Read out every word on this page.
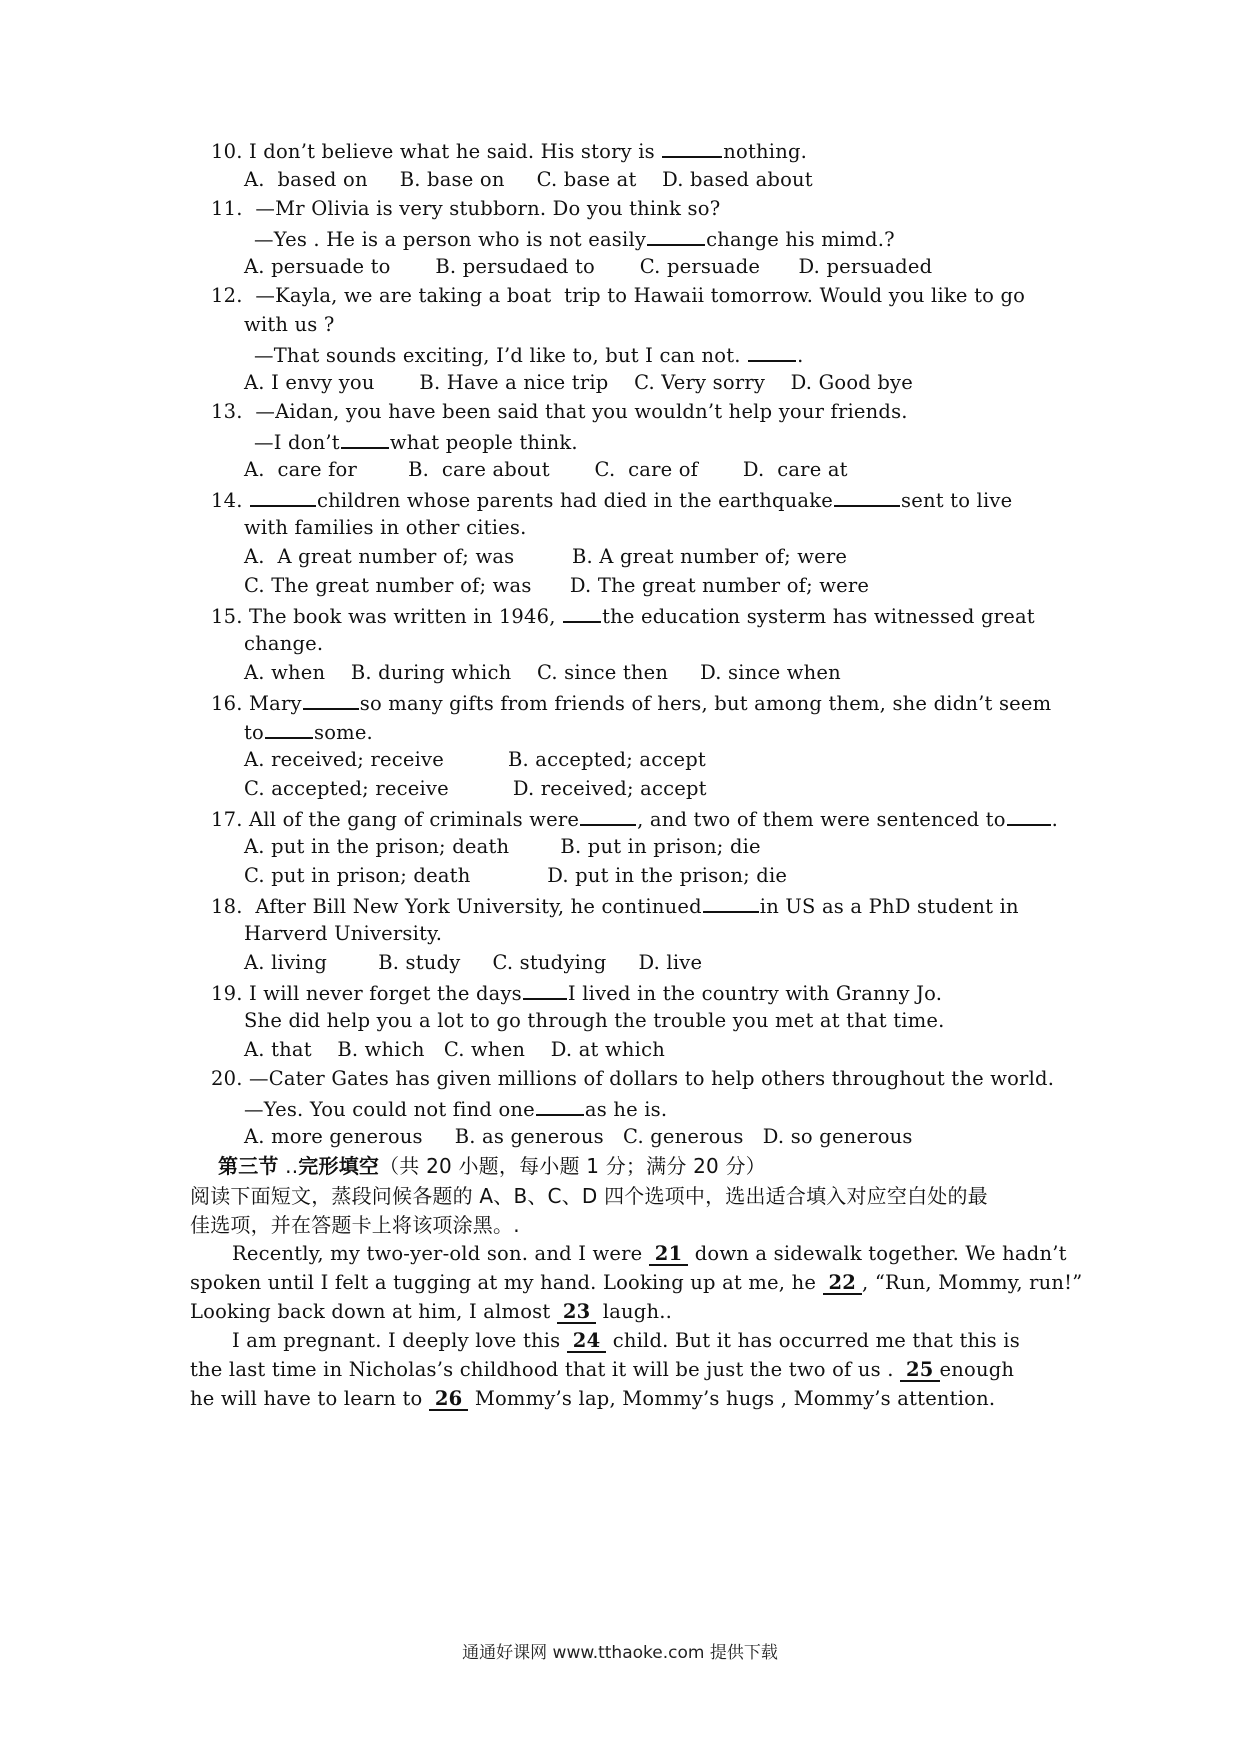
10. I don’t believe what he said. His story is	nothing.
A.  based on     B. base on     C. base at    D. based about
11.  —Mr Olivia is very stubborn. Do you think so?
—Yes . He is a person who is not easily	change his mimd.?
A. persuade to       B. persudaed to       C. persuade      D. persuaded
12.  —Kayla, we are taking a boat  trip to Hawaii tomorrow. Would you like to go
with us ?
—That sounds exciting, I’d like to, but I can not.	.
A. I envy you       B. Have a nice trip    C. Very sorry    D. Good bye
13.  —Aidan, you have been said that you wouldn’t help your friends.
—I don’t	what people think.
A.  care for        B.  care about       C.  care of       D.  care at
14.	children whose parents had died in the earthquake	sent to live
with families in other cities.
A.  A great number of; was         B. A great number of; were
C. The great number of; was      D. The great number of; were
15. The book was written in 1946, the education systerm has witnessed great
change.
A. when    B. during which    C. since then     D. since when
16. Mary	so many gifts from friends of hers, but among them, she didn’t seem
to	some.
A. received; receive          B. accepted; accept
C. accepted; receive          D. received; accept
17. All of the gang of criminals were	, and two of them were sentenced to .
A. put in the prison; death        B. put in prison; die
C. put in prison; death            D. put in the prison; die
18.  After Bill New York University, he continued	in US as a PhD student in
Harverd University.
A. living        B. study     C. studying     D. live
19. I will never forget the days I lived in the country with Granny Jo.
She did help you a lot to go through the trouble you met at that time.
A. that    B. which   C. when    D. at which
20. —Cater Gates has given millions of dollars to help others throughout the world.
—Yes. You could not find one	as he is.
A. more generous     B. as generous   C. generous   D. so generous
第三节 ..完形填空（共 20 小题，每小题 1 分；满分 20 分）
阅读下面短文，蒸段问候各题的 A、B、C、D 四个选项中，选出适合填入对应空白处的最
佳选项，并在答题卡上将该项涂黑。.
Recently, my two-yer-old son. and I were 21 down a sidewalk together. We hadn’t
spoken until I felt a tugging at my hand. Looking up at me, he 22 , “Run, Mommy, run!”
Looking back down at him, I almost 23 laugh..
I am pregnant. I deeply love this 24 child. But it has occurred me that this is
the last time in Nicholas’s childhood that it will be just the two of us . 25 enough
he will have to learn to 26 Mommy’s lap, Mommy’s hugs , Mommy’s attention.
通通好课网 www.tthaoke.com 提供下载
